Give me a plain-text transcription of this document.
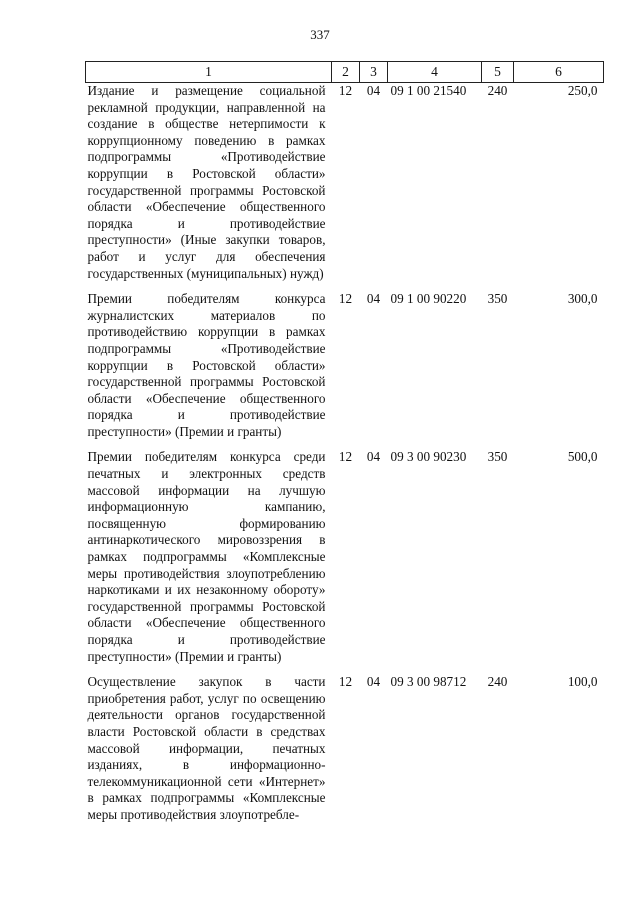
337
1	2	3	4	5	6
Издание и размещение социальной рекламной продукции, направленной на создание в обществе нетерпимости к коррупционному поведению в рамках подпрограммы «Противодействие коррупции в Ростовской области» государственной программы Ростовской области «Обеспечение общественного порядка и противодействие преступности» (Иные закупки товаров, работ и услуг для обеспечения государственных (муниципальных) нужд)	12	04	09 1 00 21540	240	250,0
Премии победителям конкурса журналистских материалов по противодействию коррупции в рамках подпрограммы «Противодействие коррупции в Ростовской области» государственной программы Ростовской области «Обеспечение общественного порядка и противодействие преступности» (Премии и гранты)	12	04	09 1 00 90220	350	300,0
Премии победителям конкурса среди печатных и электронных средств массовой информации на лучшую информационную кампанию, посвященную формированию антинаркотического мировоззрения в рамках подпрограммы «Комплексные меры противодействия злоупотреблению наркотиками и их незаконному обороту» государственной программы Ростовской области «Обеспечение общественного порядка и противодействие преступности» (Премии и гранты)	12	04	09 3 00 90230	350	500,0
Осуществление закупок в части приобретения работ, услуг по освещению деятельности органов государственной власти Ростовской области в средствах массовой информации, печатных изданиях, в информационно-телекоммуникационной сети «Интернет» в рамках подпрограммы «Комплексные меры противодействия злоупотребле-	12	04	09 3 00 98712	240	100,0
